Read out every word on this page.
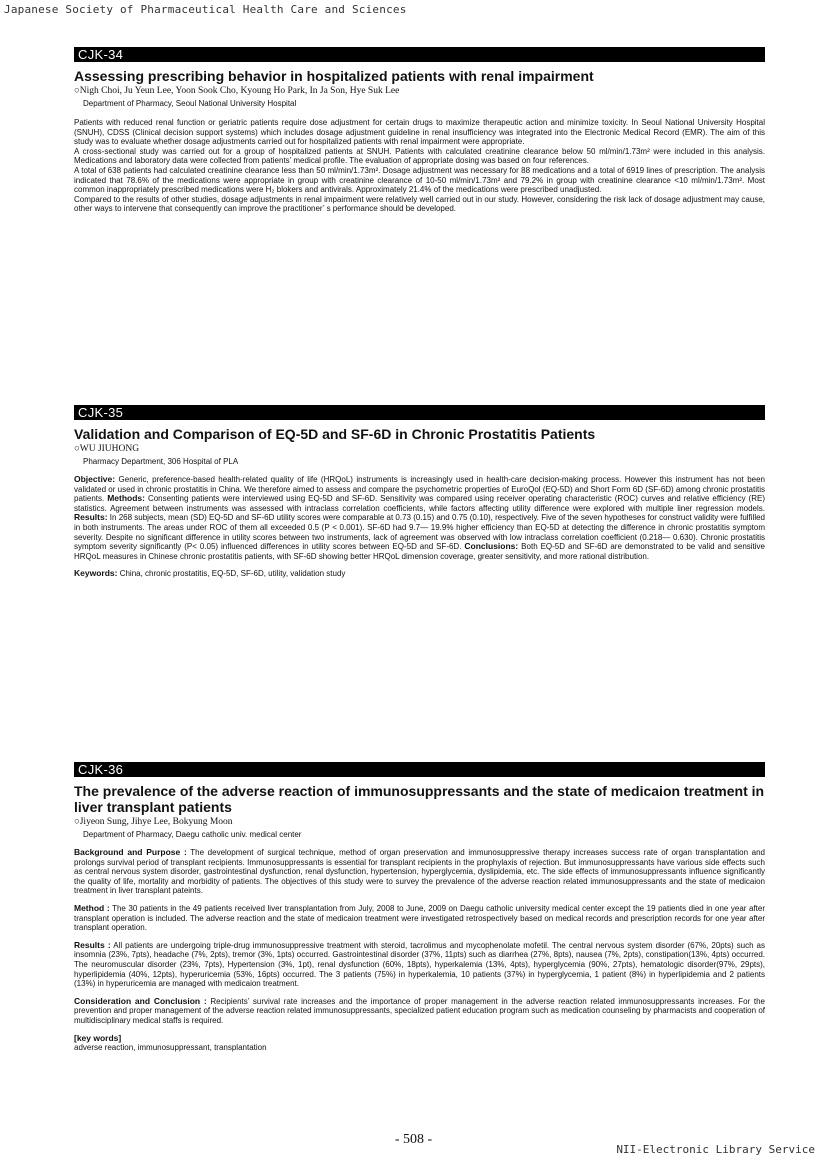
Japanese Society of Pharmaceutical Health Care and Sciences
CJK-34
Assessing prescribing behavior in hospitalized patients with renal impairment
○Nigh Choi, Ju Yeun Lee, Yoon Sook Cho, Kyoung Ho Park, In Ja Son, Hye Suk Lee
Department of Pharmacy, Seoul National University Hospital

Patients with reduced renal function or geriatric patients require dose adjustment for certain drugs to maximize therapeutic action and minimize toxicity. In Seoul National University Hospital (SNUH), CDSS (Clinical decision support systems) which includes dosage adjustment guideline in renal insufficiency was integrated into the Electronic Medical Record (EMR). The aim of this study was to evaluate whether dosage adjustments carried out for hospitalized patients with renal impairment were appropriate.

A cross-sectional study was carried out for a group of hospitalized patients at SNUH. Patients with calculated creatinine clearance below 50 ml/min/1.73m² were included in this analysis. Medications and laboratory data were collected from patients’ medical profile. The evaluation of appropriate dosing was based on four references.

A total of 638 patients had calculated creatinine clearance less than 50 ml/min/1.73m². Dosage adjustment was necessary for 88 medications and a total of 6919 lines of prescription. The analysis indicated that 78.6% of the medications were appropriate in group with creatinine clearance of 10-50 ml/min/1.73m² and 79.2% in group with creatinine clearance <10 ml/min/1.73m². Most common inappropriately prescribed medications were H₂ blokers and antivirals. Approximately 21.4% of the medications were prescribed unadjusted.

Compared to the results of other studies, dosage adjustments in renal impairment were relatively well carried out in our study. However, considering the risk lack of dosage adjustment may cause, other ways to intervene that consequently can improve the practitioner’ s performance should be developed.

CJK-35
Validation and Comparison of EQ-5D and SF-6D in Chronic Prostatitis Patients
○WU JIUHONG
Pharmacy Department, 306 Hospital of PLA

Objective: Generic, preference-based health-related quality of life (HRQoL) instruments is increasingly used in health-care decision-making process. However this instrument has not been validated or used in chronic prostatitis in China. We therefore aimed to assess and compare the psychometric properties of EuroQol (EQ-5D) and Short Form 6D (SF-6D) among chronic prostatitis patients. Methods: Consenting patients were interviewed using EQ-5D and SF-6D. Sensitivity was compared using receiver operating characteristic (ROC) curves and relative efficiency (RE) statistics. Agreement between instruments was assessed with intraclass correlation coefficients, while factors affecting utility difference were explored with multiple liner regression models. Results: In 268 subjects, mean (SD) EQ-5D and SF-6D utility scores were comparable at 0.73 (0.15) and 0.75 (0.10), respectively. Five of the seven hypotheses for construct validity were fulfilled in both instruments. The areas under ROC of them all exceeded 0.5 (P < 0.001). SF-6D had 9.7— 19.9% higher efficiency than EQ-5D at detecting the difference in chronic prostatitis symptom severity. Despite no significant difference in utility scores between two instruments, lack of agreement was observed with low intraclass correlation coefficient (0.218— 0.630). Chronic prostatitis symptom severity significantly (P< 0.05) influenced differences in utility scores between EQ-5D and SF-6D. Conclusions: Both EQ-5D and SF-6D are demonstrated to be valid and sensitive HRQoL measures in Chinese chronic prostatitis patients, with SF-6D showing better HRQoL dimension coverage, greater sensitivity, and more rational distribution.

Keywords: China, chronic prostatitis, EQ-5D, SF-6D, utility, validation study

CJK-36
The prevalence of the adverse reaction of immunosuppressants and the state of medicaion treatment in liver transplant patients
○Jiyeon Sung, Jihye Lee, Bokyung Moon
Department of Pharmacy, Daegu catholic univ. medical center

Background and Purpose : The development of surgical technique, method of organ preservation and immunosuppressive therapy increases success rate of organ transplantation and prolongs survival period of transplant recipients. Immunosuppressants is essential for transplant recipients in the prophylaxis of rejection. But immunosuppressants have various side effects such as central nervous system disorder, gastrointestinal dysfunction, renal dysfunction, hypertension, hyperglycemia, dyslipidemia, etc. The side effects of immunosuppressants influence significantly the quality of life, mortality and morbidity of patients. The objectives of this study were to survey the prevalence of the adverse reaction related immunosuppressants and the state of medicaion treatment in liver transplant pateints.

Method : The 30 patients in the 49 patients received liver transplantation from July, 2008 to June, 2009 on Daegu catholic university medical center except the 19 patients died in one year after transplant operation is included. The adverse reaction and the state of medicaion treatment were investigated retrospectively based on medical records and prescription records for one year after transplant operation.

Results : All patients are undergoing triple-drug immunosuppressive treatment with steroid, tacrolimus and mycophenolate mofetil. The central nervous system disorder (67%, 20pts) such as insomnia (23%, 7pts), headache (7%, 2pts), tremor (3%, 1pts) occurred. Gastrointestinal disorder (37%, 11pts) such as diarrhea (27%, 8pts), nausea (7%, 2pts), constipation(13%, 4pts) occurred. The neuromuscular disorder (23%, 7pts), Hypertension (3%, 1pt), renal dysfunction (60%, 18pts), hyperkalemia (13%, 4pts), hyperglycemia (90%, 27pts), hematologic disorder(97%, 29pts), hyperlipidemia (40%, 12pts), hyperuricemia (53%, 16pts) occurred. The 3 patients (75%) in hyperkalemia, 10 patients (37%) in hyperglycemia, 1 patient (8%) in hyperlipidemia and 2 patients (13%) in hyperuricemia are managed with medicaion treatment.

Consideration and Conclusion : Recipients’ survival rate increases and the importance of proper management in the adverse reaction related immunosuppressants increases. For the prevention and proper management of the adverse reaction related immunosuppressants, specialized patient education program such as medication counseling by pharmacists and cooperation of multidisciplinary medical staffs is required.

[key words]

adverse reaction, immunosuppressant, transplantation

- 508 -
NII-Electronic Library Service
